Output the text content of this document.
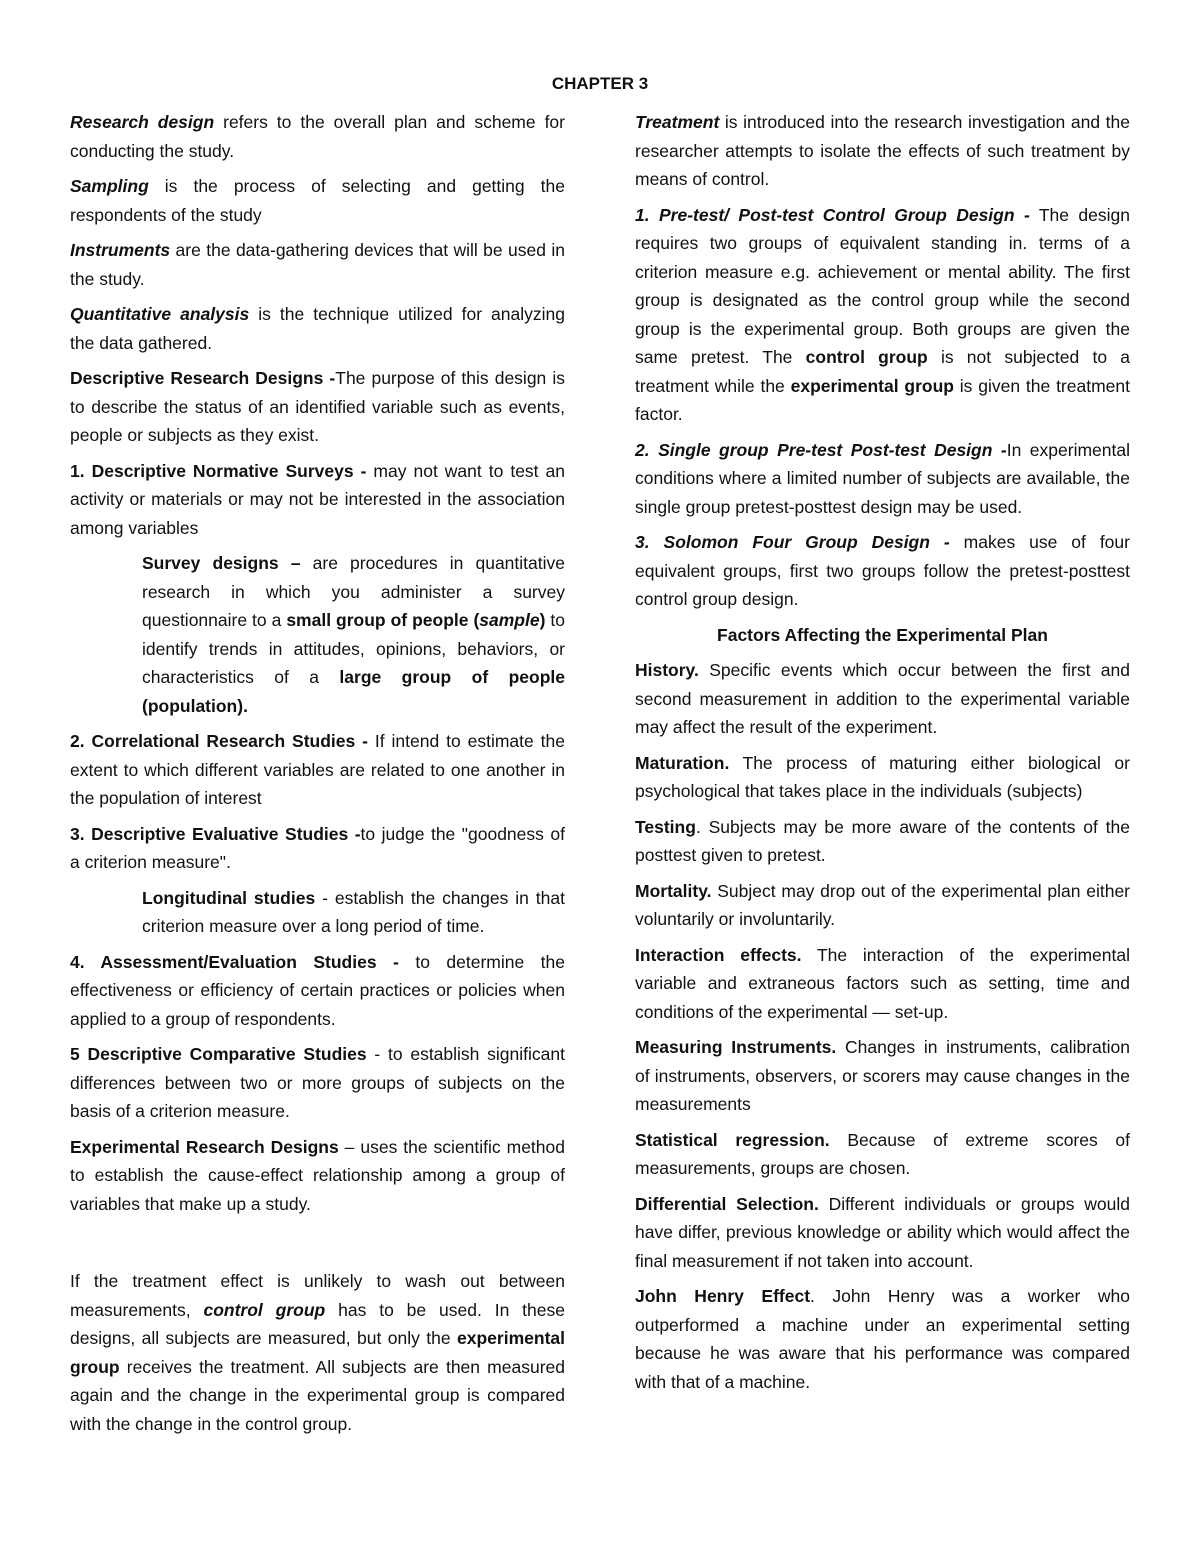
CHAPTER 3

Research design refers to the overall plan and scheme for conducting the study.

Sampling is the process of selecting and getting the respondents of the study

Instruments are the data-gathering devices that will be used in the study.

Quantitative analysis is the technique utilized for analyzing the data gathered.

Descriptive Research Designs -The purpose of this design is to describe the status of an identified variable such as events, people or subjects as they exist.

1. Descriptive Normative Surveys - may not want to test an activity or materials or may not be interested in the association among variables

Survey designs – are procedures in quantitative research in which you administer a survey questionnaire to a small group of people (sample) to identify trends in attitudes, opinions, behaviors, or characteristics of a large group of people (population).

2. Correlational Research Studies - If intend to estimate the extent to which different variables are related to one another in the population of interest

3. Descriptive Evaluative Studies -to judge the "goodness of a criterion measure".

Longitudinal studies - establish the changes in that criterion measure over a long period of time.

4. Assessment/Evaluation Studies - to determine the effectiveness or efficiency of certain practices or policies when applied to a group of respondents.

5 Descriptive Comparative Studies - to establish significant differences between two or more groups of subjects on the basis of a criterion measure.

Experimental Research Designs – uses the scientific method to establish the cause-effect relationship among a group of variables that make up a study.

If the treatment effect is unlikely to wash out between measurements, control group has to be used. In these designs, all subjects are measured, but only the experimental group receives the treatment. All subjects are then measured again and the change in the experimental group is compared with the change in the control group.

Treatment is introduced into the research investigation and the researcher attempts to isolate the effects of such treatment by means of control.

1. Pre-test/ Post-test Control Group Design - The design requires two groups of equivalent standing in. terms of a criterion measure e.g. achievement or mental ability. The first group is designated as the control group while the second group is the experimental group. Both groups are given the same pretest. The control group is not subjected to a treatment while the experimental group is given the treatment factor.

2. Single group Pre-test Post-test Design -In experimental conditions where a limited number of subjects are available, the single group pretest-posttest design may be used.

3. Solomon Four Group Design - makes use of four equivalent groups, first two groups follow the pretest-posttest control group design.

Factors Affecting the Experimental Plan

History. Specific events which occur between the first and second measurement in addition to the experimental variable may affect the result of the experiment.

Maturation. The process of maturing either biological or psychological that takes place in the individuals (subjects)

Testing. Subjects may be more aware of the contents of the posttest given to pretest.

Mortality. Subject may drop out of the experimental plan either voluntarily or involuntarily.

Interaction effects. The interaction of the experimental variable and extraneous factors such as setting, time and conditions of the experimental — set-up.

Measuring Instruments. Changes in instruments, calibration of instruments, observers, or scorers may cause changes in the measurements

Statistical regression. Because of extreme scores of measurements, groups are chosen.

Differential Selection. Different individuals or groups would have differ, previous knowledge or ability which would affect the final measurement if not taken into account.

John Henry Effect. John Henry was a worker who outperformed a machine under an experimental setting because he was aware that his performance was compared with that of a machine.
